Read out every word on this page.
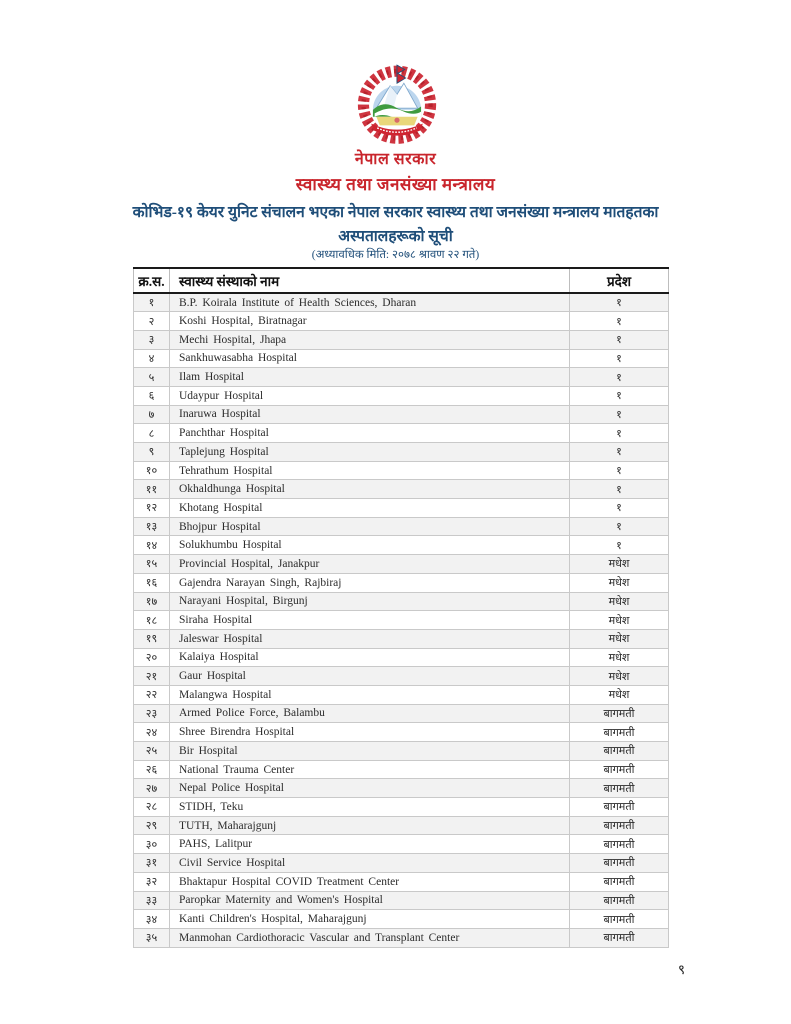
नेपाल सरकार
स्वास्थ्य तथा जनसंख्या मन्त्रालय
कोभिड-१९ केयर युनिट संचालन भएका नेपाल सरकार स्वास्थ्य तथा जनसंख्या मन्त्रालय मातहतका
अस्पतालहरूको सूची
(अध्यावधिक मिति: २०७८ श्रावण २२ गते)
क्र.स.	स्वास्थ्य संस्थाको नाम	प्रदेश
१	B.P. Koirala Institute of Health Sciences, Dharan	१
२	Koshi Hospital, Biratnagar	१
३	Mechi Hospital, Jhapa	१
४	Sankhuwasabha Hospital	१
५	Ilam Hospital	१
६	Udaypur Hospital	१
७	Inaruwa Hospital	१
८	Panchthar Hospital	१
९	Taplejung Hospital	१
१०	Tehrathum Hospital	१
११	Okhaldhunga Hospital	१
१२	Khotang Hospital	१
१३	Bhojpur Hospital	१
१४	Solukhumbu Hospital	१
१५	Provincial Hospital, Janakpur	मधेश
१६	Gajendra Narayan Singh, Rajbiraj	मधेश
१७	Narayani Hospital, Birgunj	मधेश
१८	Siraha Hospital	मधेश
१९	Jaleswar Hospital	मधेश
२०	Kalaiya Hospital	मधेश
२१	Gaur Hospital	मधेश
२२	Malangwa Hospital	मधेश
२३	Armed Police Force, Balambu	बागमती
२४	Shree Birendra Hospital	बागमती
२५	Bir Hospital	बागमती
२६	National Trauma Center	बागमती
२७	Nepal Police Hospital	बागमती
२८	STIDH, Teku	बागमती
२९	TUTH, Maharajgunj	बागमती
३०	PAHS, Lalitpur	बागमती
३१	Civil Service Hospital	बागमती
३२	Bhaktapur Hospital COVID Treatment Center	बागमती
३३	Paropkar Maternity and Women's Hospital	बागमती
३४	Kanti Children's Hospital, Maharajgunj	बागमती
३५	Manmohan Cardiothoracic Vascular and Transplant Center	बागमती
९
